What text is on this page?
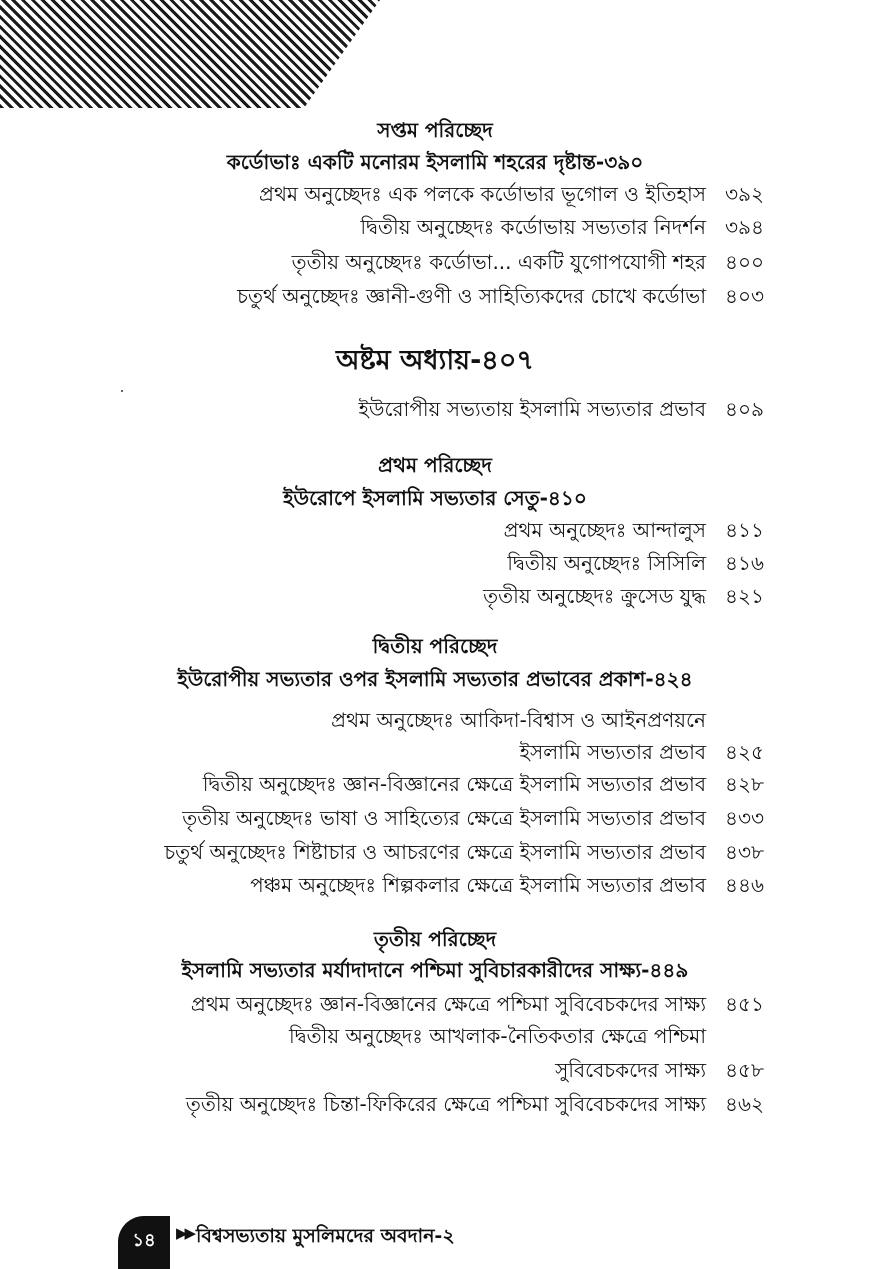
সপ্তম পরিচ্ছেদ
কর্ডোভাঃ একটি মনোরম ইসলামি শহরের দৃষ্টান্ত-৩৯০
প্রথম অনুচ্ছেদঃ এক পলকে কর্ডোভার ভূগোল ও ইতিহাস ৩৯২
দ্বিতীয় অনুচ্ছেদঃ কর্ডোভায় সভ্যতার নিদর্শন ৩৯৪
তৃতীয় অনুচ্ছেদঃ কর্ডোভা... একটি যুগোপযোগী শহর ৪০০
চতুর্থ অনুচ্ছেদঃ জ্ঞানী-গুণী ও সাহিত্যিকদের চোখে কর্ডোভা ৪০৩
অষ্টম অধ্যায়-৪০৭
ইউরোপীয় সভ্যতায় ইসলামি সভ্যতার প্রভাব ৪০৯
প্রথম পরিচ্ছেদ
ইউরোপে ইসলামি সভ্যতার সেতু-৪১০
প্রথম অনুচ্ছেদঃ আন্দালুস ৪১১
দ্বিতীয় অনুচ্ছেদঃ সিসিলি ৪১৬
তৃতীয় অনুচ্ছেদঃ ক্রুসেড যুদ্ধ ৪২১
দ্বিতীয় পরিচ্ছেদ
ইউরোপীয় সভ্যতার ওপর ইসলামি সভ্যতার প্রভাবের প্রকাশ-৪২৪
প্রথম অনুচ্ছেদঃ আকিদা-বিশ্বাস ও আইনপ্রণয়নে
ইসলামি সভ্যতার প্রভাব ৪২৫
দ্বিতীয় অনুচ্ছেদঃ জ্ঞান-বিজ্ঞানের ক্ষেত্রে ইসলামি সভ্যতার প্রভাব ৪২৮
তৃতীয় অনুচ্ছেদঃ ভাষা ও সাহিত্যের ক্ষেত্রে ইসলামি সভ্যতার প্রভাব ৪৩৩
চতুর্থ অনুচ্ছেদঃ শিষ্টাচার ও আচরণের ক্ষেত্রে ইসলামি সভ্যতার প্রভাব ৪৩৮
পঞ্চম অনুচ্ছেদঃ শিল্পকলার ক্ষেত্রে ইসলামি সভ্যতার প্রভাব ৪৪৬
তৃতীয় পরিচ্ছেদ
ইসলামি সভ্যতার মর্যাদাদানে পশ্চিমা সুবিচারকারীদের সাক্ষ্য-৪৪৯
প্রথম অনুচ্ছেদঃ জ্ঞান-বিজ্ঞানের ক্ষেত্রে পশ্চিমা সুবিবেচকদের সাক্ষ্য ৪৫১
দ্বিতীয় অনুচ্ছেদঃ আখলাক-নৈতিকতার ক্ষেত্রে পশ্চিমা
সুবিবেচকদের সাক্ষ্য ৪৫৮
তৃতীয় অনুচ্ছেদঃ চিন্তা-ফিকিরের ক্ষেত্রে পশ্চিমা সুবিবেচকদের সাক্ষ্য ৪৬২
১৪	▶▶ বিশ্বসভ্যতায় মুসলিমদের অবদান-২
